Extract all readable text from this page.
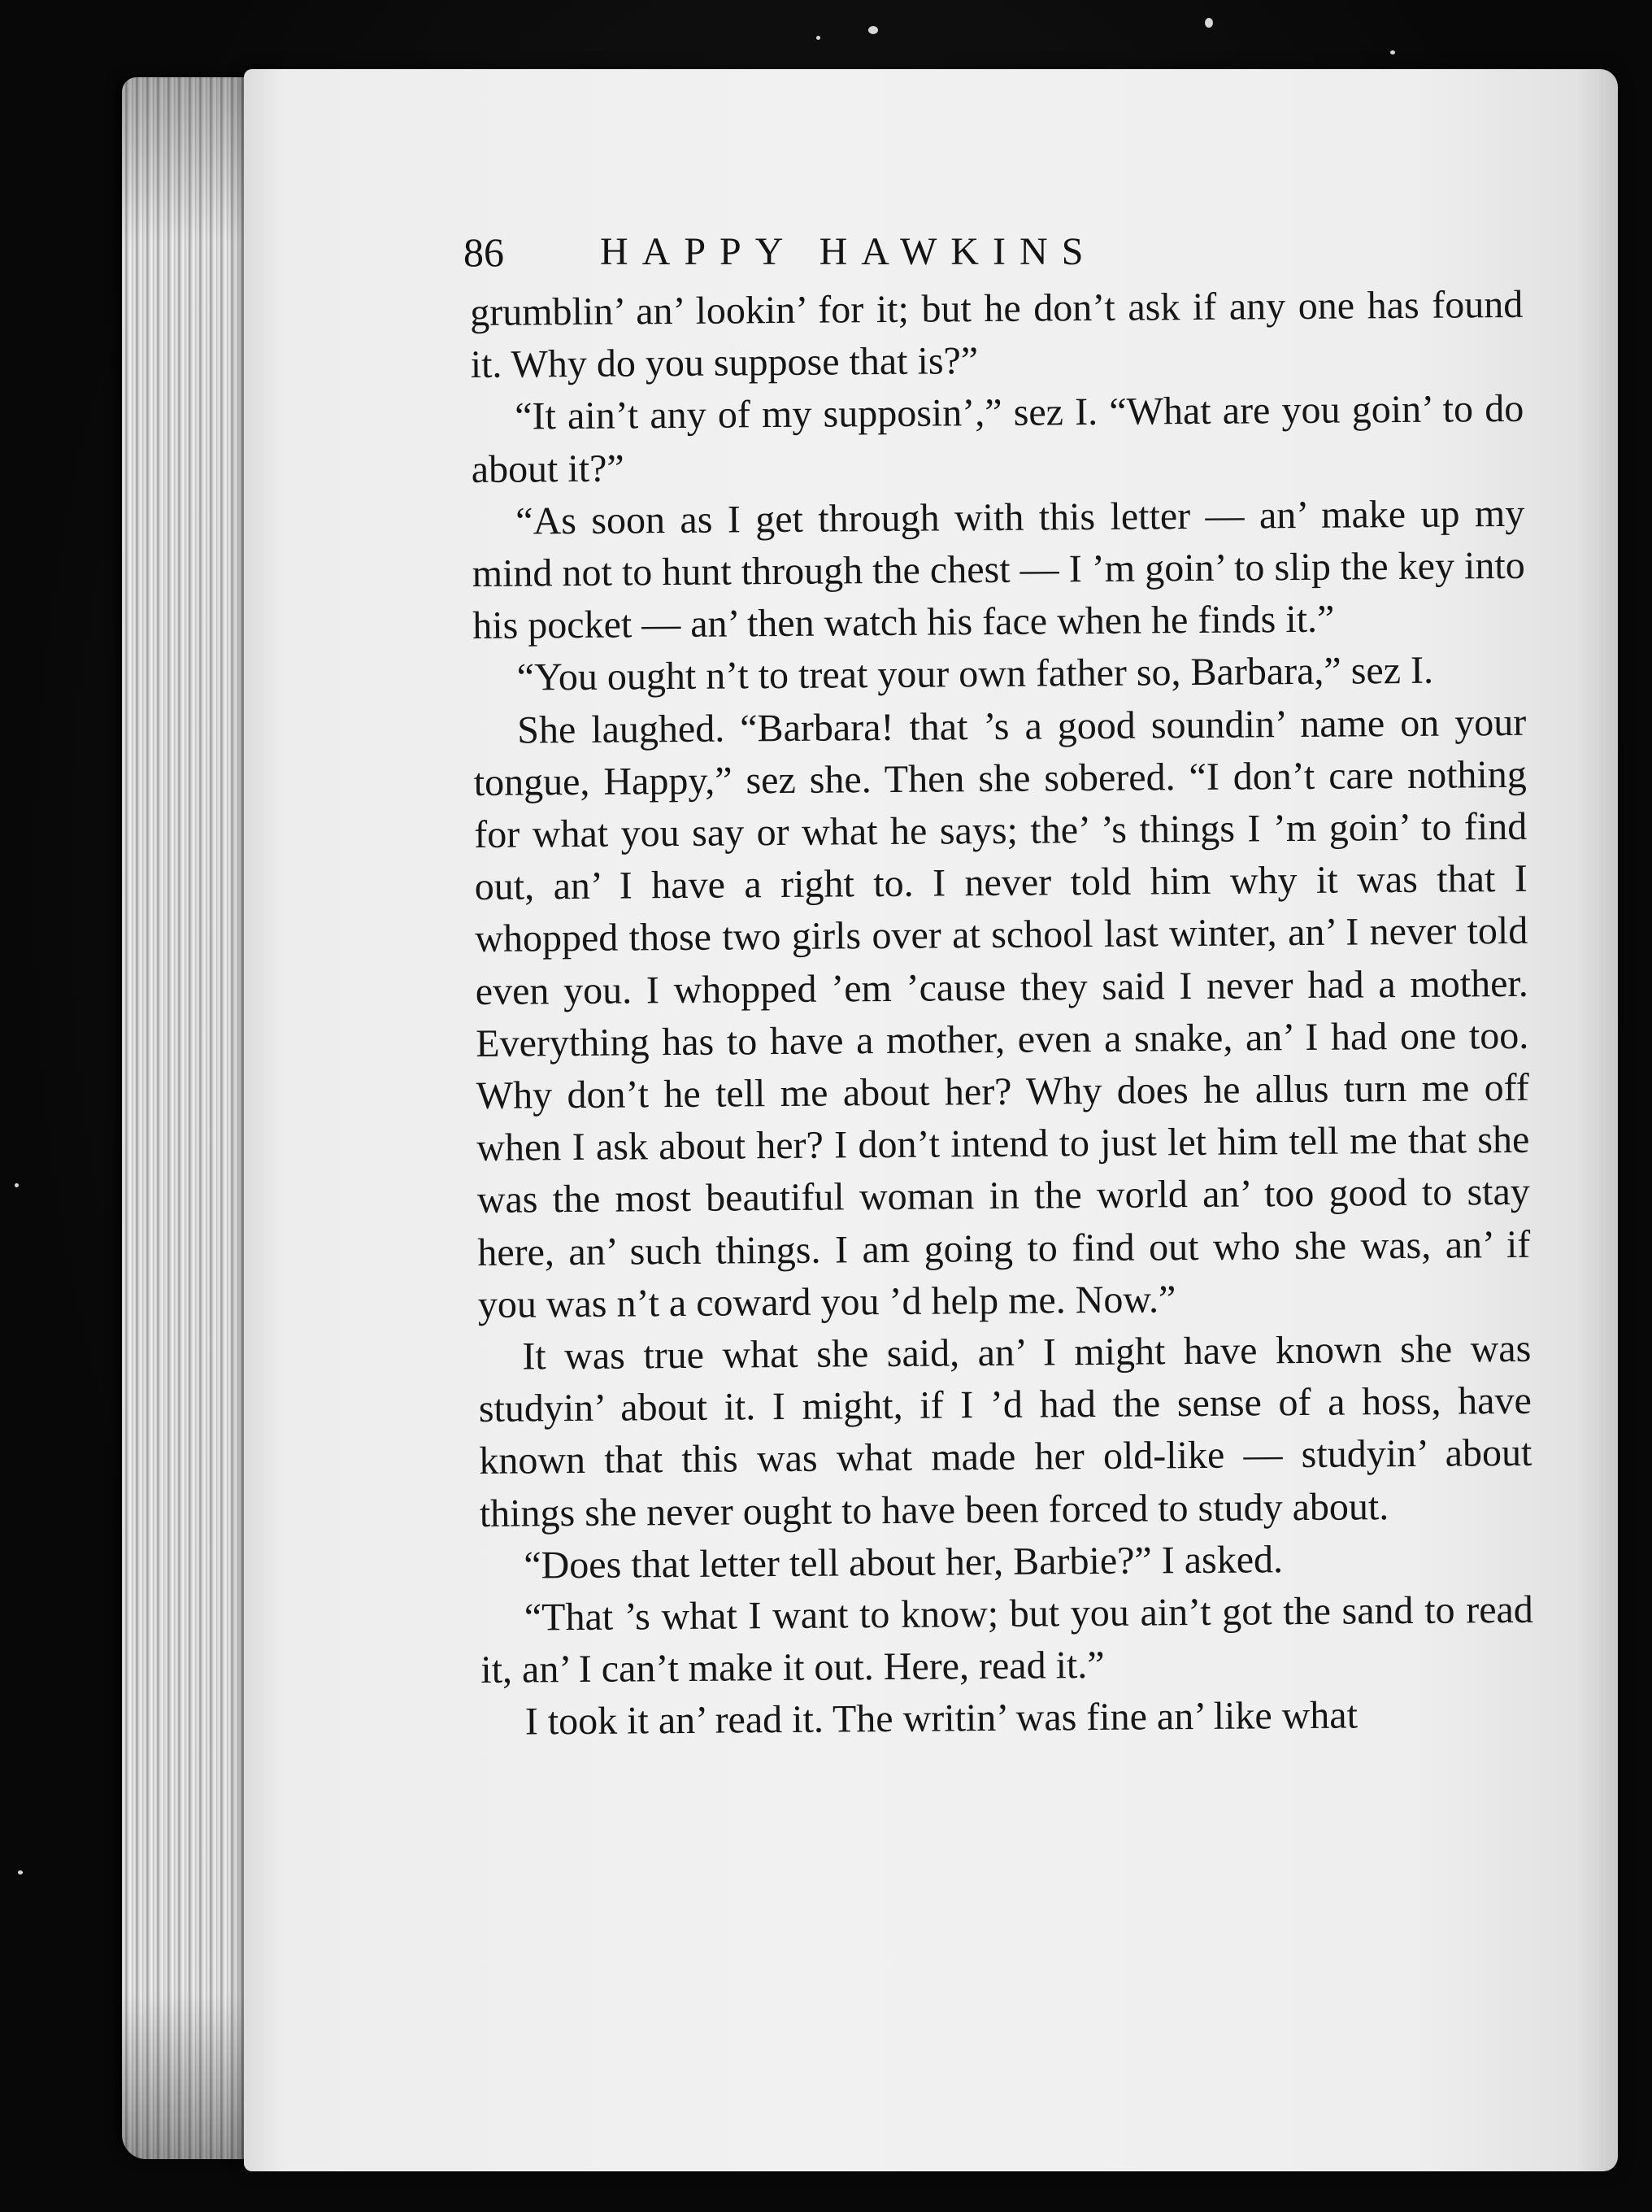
86 HAPPY HAWKINS

grumblin’ an’ lookin’ for it; but he don’t ask if any one has found it. Why do you suppose that is?”

“It ain’t any of my supposin’,” sez I. “What are you goin’ to do about it?”

“As soon as I get through with this letter — an’ make up my mind not to hunt through the chest — I ’m goin’ to slip the key into his pocket — an’ then watch his face when he finds it.”

“You ought n’t to treat your own father so, Barbara,” sez I.

She laughed. “Barbara! that ’s a good soundin’ name on your tongue, Happy,” sez she. Then she sobered. “I don’t care nothing for what you say or what he says; the’ ’s things I ’m goin’ to find out, an’ I have a right to. I never told him why it was that I whopped those two girls over at school last winter, an’ I never told even you. I whopped ’em ’cause they said I never had a mother. Everything has to have a mother, even a snake, an’ I had one too. Why don’t he tell me about her? Why does he allus turn me off when I ask about her? I don’t intend to just let him tell me that she was the most beautiful woman in the world an’ too good to stay here, an’ such things. I am going to find out who she was, an’ if you was n’t a coward you ’d help me. Now.”

It was true what she said, an’ I might have known she was studyin’ about it. I might, if I ’d had the sense of a hoss, have known that this was what made her old-like — studyin’ about things she never ought to have been forced to study about.

“Does that letter tell about her, Barbie?” I asked.

“That ’s what I want to know; but you ain’t got the sand to read it, an’ I can’t make it out. Here, read it.”

I took it an’ read it. The writin’ was fine an’ like what
